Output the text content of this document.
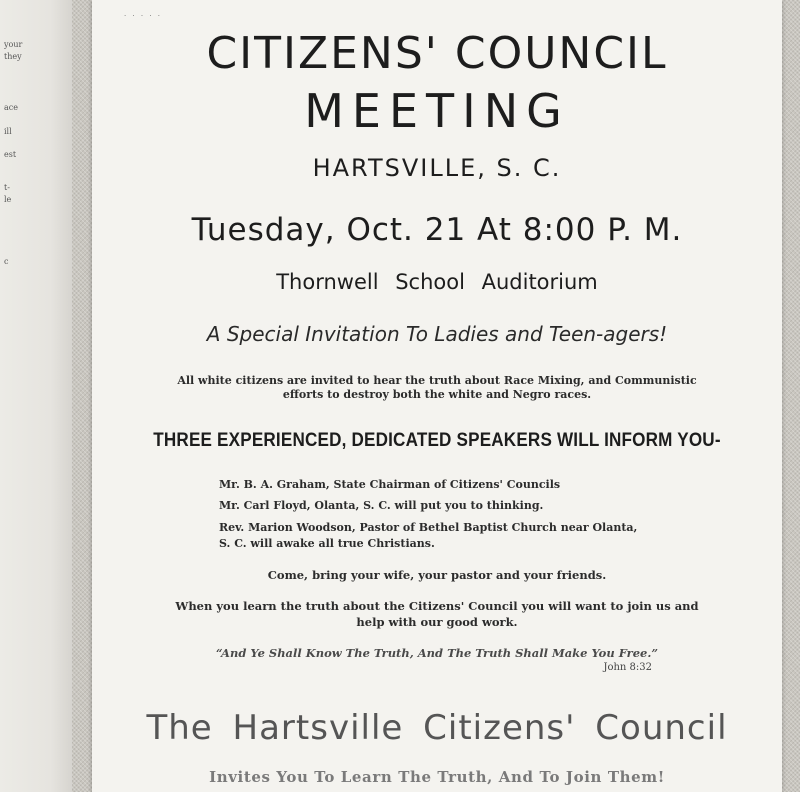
your
they
ace
ill
est
t-
le
c
· · · · ·
CITIZENS' COUNCIL
MEETING
HARTSVILLE, S. C.
Tuesday, Oct. 21 At 8:00 P. M.
Thornwell School Auditorium
A Special Invitation To Ladies and Teen-agers!
All white citizens are invited to hear the truth about Race Mixing, and Communistic efforts to destroy both the white and Negro races.
THREE EXPERIENCED, DEDICATED SPEAKERS WILL INFORM YOU-
Mr. B. A. Graham, State Chairman of Citizens' Councils
Mr. Carl Floyd, Olanta, S. C. will put you to thinking.
Rev. Marion Woodson, Pastor of Bethel Baptist Church near Olanta, S. C. will awake all true Christians.
Come, bring your wife, your pastor and your friends.
When you learn the truth about the Citizens' Council you will want to join us and help with our good work.
“And Ye Shall Know The Truth, And The Truth Shall Make You Free.”
John 8:32
The Hartsville Citizens' Council
Invites You To Learn The Truth, And To Join Them!
